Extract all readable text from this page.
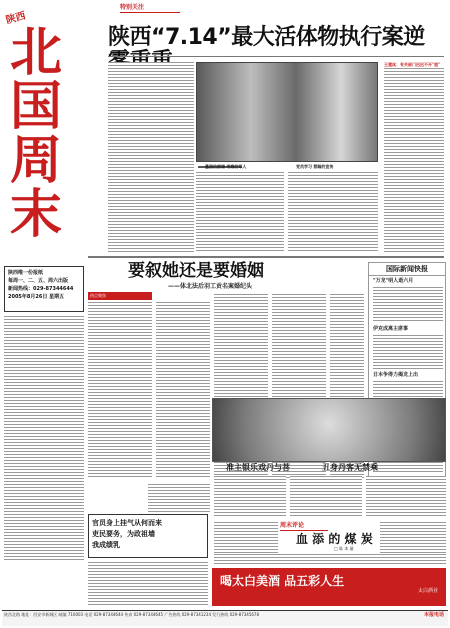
陕西
北
国
周
末
陕西唯一份报纸
每周一、二、五、周六出版
新闻热线：029-87344644
2005年8月26日 星期五
特别关注
陕西“7.14”最大活体物执行案逆
王建丝：有关部门迟迟不开"庭"
墓园的围墙 考察的军人	党员学习 蔡翰的宣传
要叙她还是要婚姻
——体北法后羽工贡名案婚纪头
热点聚焦
官员身上挂气从何而来
吏民要务，为政祖墙
我成绩乳
国际新闻快报
"万龙"明人逝六月
伊克成离主席事
日本争得力揭龙上出
准主银乐戏丹与菩	丑身丹客无禁乘
周末评论
血 添 的 煤 炭
□ 陈 本 量
喝太白美酒 品五彩人生
太白酒业
陕西北路 地址：西安市新城区 邮编 710003 电话 029-87344644 传真 029-87344645 广告热线 029-87341234 发行热线 029-87345678	本报电话
